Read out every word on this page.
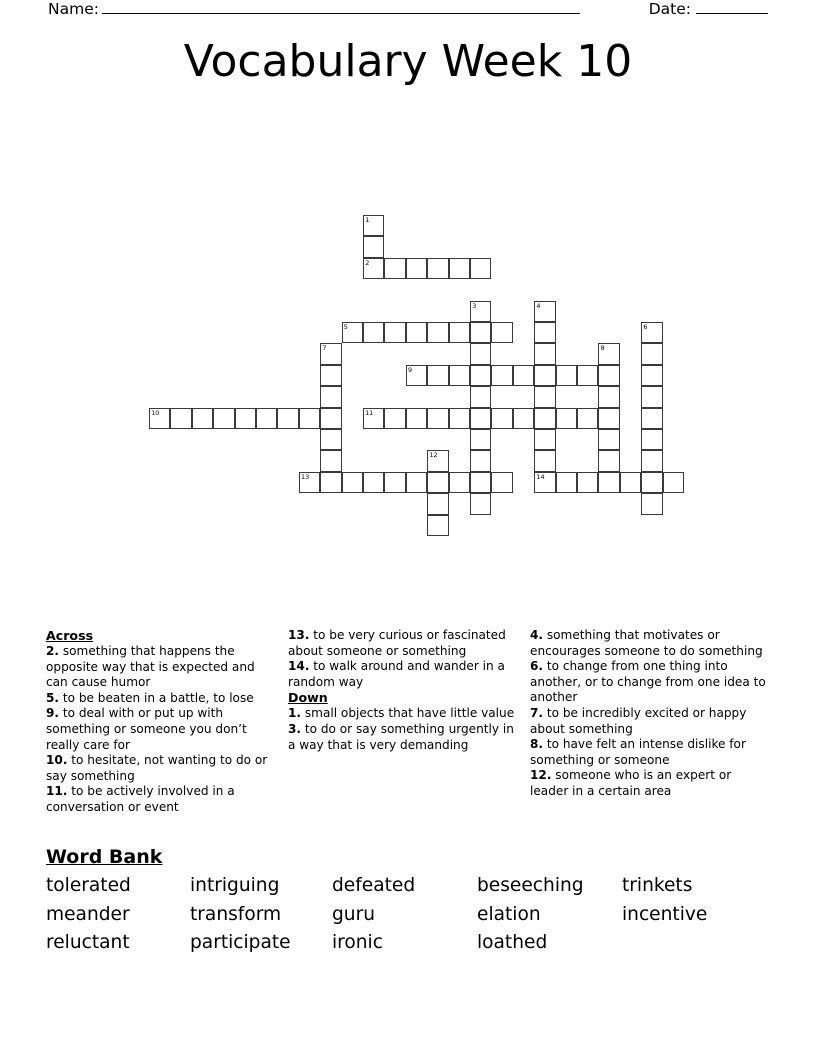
Name:	Date:
Vocabulary Week 10
1
2
3	4
5	6
7	8
9
10	11
12
13	14
Across
2. something that happens the opposite way that is expected and can cause humor
5. to be beaten in a battle, to lose
9. to deal with or put up with something or someone you don’t really care for
10. to hesitate, not wanting to do or say something
11. to be actively involved in a conversation or event
13. to be very curious or fascinated about someone or something
14. to walk around and wander in a random way
Down
1. small objects that have little value
3. to do or say something urgently in a way that is very demanding
4. something that motivates or encourages someone to do something
6. to change from one thing into another, or to change from one idea to another
7. to be incredibly excited or happy about something
8. to have felt an intense dislike for something or someone
12. someone who is an expert or leader in a certain area
Word Bank
tolerated	intriguing	defeated	beseeching	trinkets
meander	transform	guru	elation	incentive
reluctant	participate	ironic	loathed
